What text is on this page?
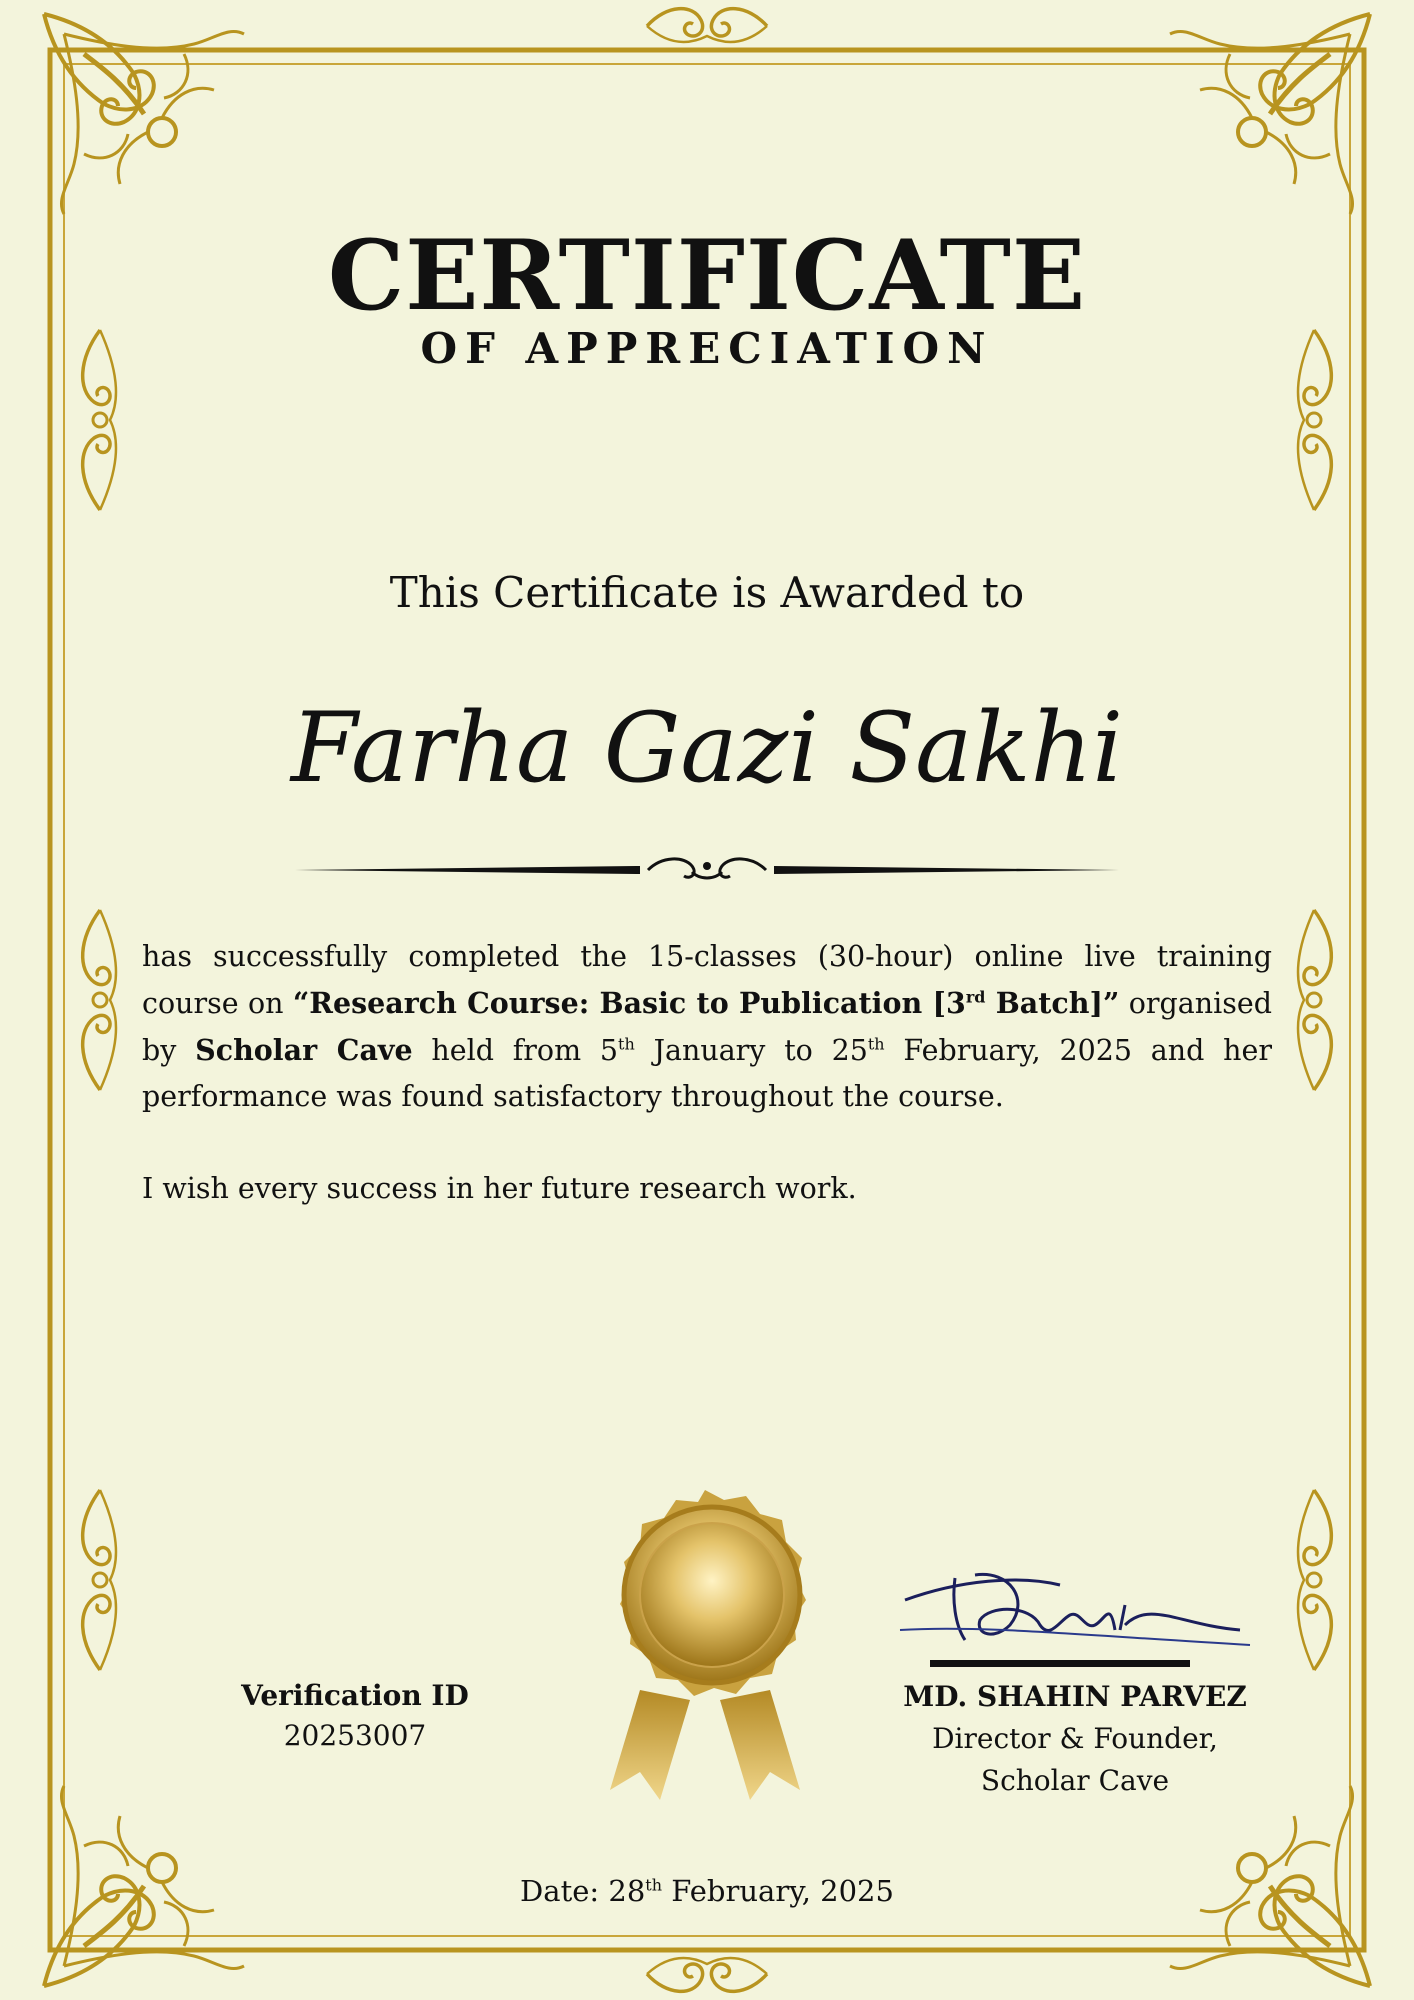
CERTIFICATE
OF APPRECIATION
This Certificate is Awarded to
Farha Gazi Sakhi
has successfully completed the 15-classes (30-hour) online live training course on “Research Course: Basic to Publication [3rd Batch]” organised by Scholar Cave held from 5th January to 25th February, 2025 and her performance was found satisfactory throughout the course.
I wish every success in her future research work.
Verification ID
20253007
MD. SHAHIN PARVEZ
Director & Founder,
Scholar Cave
Date: 28th February, 2025
